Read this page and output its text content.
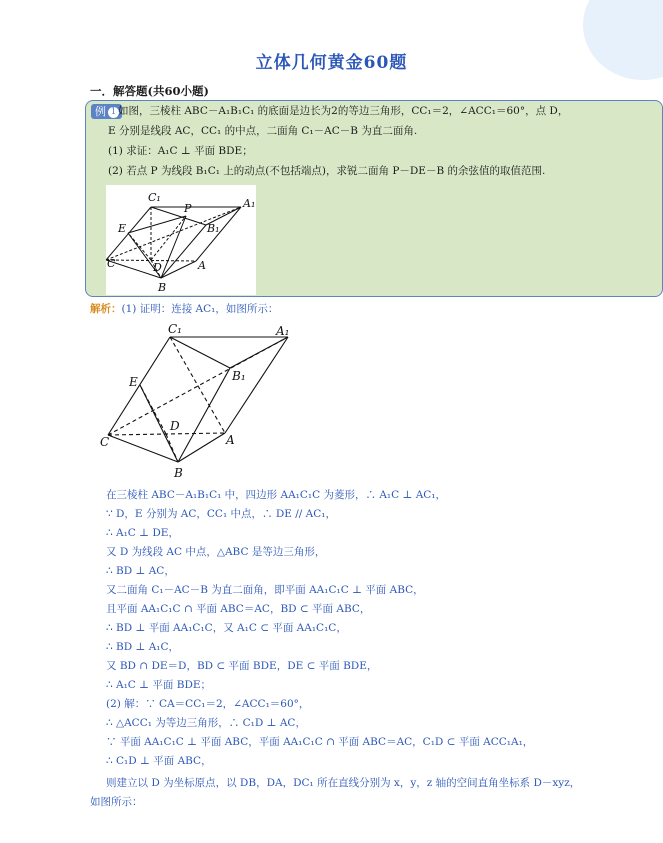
立体几何黄金60题
一．解答题(共60小题)
例 1 如图，三棱柱 ABC－A₁B₁C₁ 的底面是边长为2的等边三角形，CC₁＝2，∠ACC₁＝60°，点 D，
E 分别是线段 AC，CC₁ 的中点，二面角 C₁－AC－B 为直二面角.
(1) 求证：A₁C ⊥ 平面 BDE；
(2) 若点 P 为线段 B₁C₁ 上的动点(不包括端点)，求锐二面角 P－DE－B 的余弦值的取值范围.
C₁	A₁
P
B₁
E
C	D	A
B
解析：(1) 证明：连接 AC₁，如图所示：
C₁	A₁
E	B₁
D
C	A
B
在三棱柱 ABC－A₁B₁C₁ 中，四边形 AA₁C₁C 为菱形，∴ A₁C ⊥ AC₁，
∵ D，E 分别为 AC，CC₁ 中点，∴ DE // AC₁，
∴ A₁C ⊥ DE，
又 D 为线段 AC 中点，△ABC 是等边三角形，
∴ BD ⊥ AC，
又二面角 C₁－AC－B 为直二面角，即平面 AA₁C₁C ⊥ 平面 ABC，
且平面 AA₁C₁C ∩ 平面 ABC＝AC，BD ⊂ 平面 ABC，
∴ BD ⊥ 平面 AA₁C₁C，又 A₁C ⊂ 平面 AA₁C₁C，
∴ BD ⊥ A₁C，
又 BD ∩ DE＝D，BD ⊂ 平面 BDE，DE ⊂ 平面 BDE，
∴ A₁C ⊥ 平面 BDE；
(2) 解：∵ CA＝CC₁＝2，∠ACC₁＝60°，
∴ △ACC₁ 为等边三角形，∴ C₁D ⊥ AC，
∵ 平面 AA₁C₁C ⊥ 平面 ABC，平面 AA₁C₁C ∩ 平面 ABC＝AC，C₁D ⊂ 平面 ACC₁A₁，
∴ C₁D ⊥ 平面 ABC，
则建立以 D 为坐标原点，以 DB，DA，DC₁ 所在直线分别为 x，y，z 轴的空间直角坐标系 D－xyz，
如图所示：
